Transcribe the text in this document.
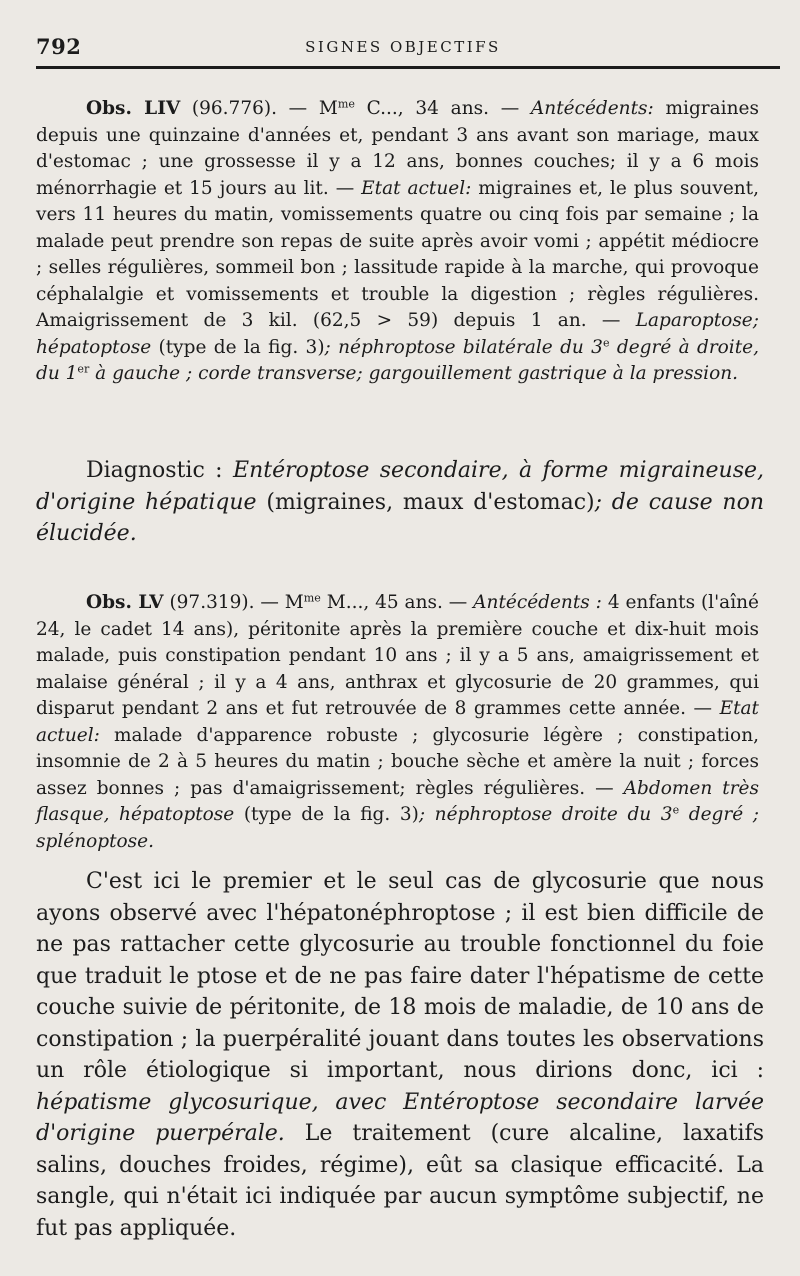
792	SIGNES OBJECTIFS
Obs. LIV (96.776). — $M^{me}$ C..., 34 ans. — Antécédents: migraines depuis une quinzaine d'années et, pendant 3 ans avant son mariage, maux d'estomac ; une grossesse il y a 12 ans, bonnes couches; il y a 6 mois ménorrhagie et 15 jours au lit. — Etat actuel: migraines et, le plus souvent, vers 11 heures du matin, vomissements quatre ou cinq fois par semaine ; la malade peut prendre son repas de suite après avoir vomi ; appétit médiocre ; selles régulières, sommeil bon ; lassitude rapide à la marche, qui provoque céphalalgie et vomissements et trouble la digestion ; règles régulières. Amaigrissement de 3 kil. (62,5 > 59) depuis 1 an. — Laparoptose; hépatoptose (type de la fig. 3); néphroptose bilatérale du 3e degré à droite, du 1er à gauche ; corde transverse; gargouillement gastrique à la pression.
Diagnostic : Entéroptose secondaire, à forme migraineuse, d'origine hépatique (migraines, maux d'estomac); de cause non élucidée.
Obs. LV (97.319). — $M^{me}$ M..., 45 ans. — Antécédents : 4 enfants (l'aîné 24, le cadet 14 ans), péritonite après la première couche et dix-huit mois malade, puis constipation pendant 10 ans ; il y a 5 ans, amaigrissement et malaise général ; il y a 4 ans, anthrax et glycosurie de 20 grammes, qui disparut pendant 2 ans et fut retrouvée de 8 grammes cette année. — Etat actuel: malade d'apparence robuste ; glycosurie légère ; constipation, insomnie de 2 à 5 heures du matin ; bouche sèche et amère la nuit ; forces assez bonnes ; pas d'amaigrissement; règles régulières. — Abdomen très flasque, hépatoptose (type de la fig. 3); néphroptose droite du 3e degré ; splénoptose.
C'est ici le premier et le seul cas de glycosurie que nous ayons observé avec l'hépatonéphroptose ; il est bien difficile de ne pas rattacher cette glycosurie au trouble fonctionnel du foie que traduit le ptose et de ne pas faire dater l'hépatisme de cette couche suivie de péritonite, de 18 mois de maladie, de 10 ans de constipation ; la puerpéralité jouant dans toutes les observations un rôle étiologique si important, nous dirions donc, ici : hépatisme glycosurique, avec Entéroptose secondaire larvée d'origine puerpérale. Le traitement (cure alcaline, laxatifs salins, douches froides, régime), eût sa clasique efficacité. La sangle, qui n'était ici indiquée par aucun symptôme subjectif, ne fut pas appliquée.
